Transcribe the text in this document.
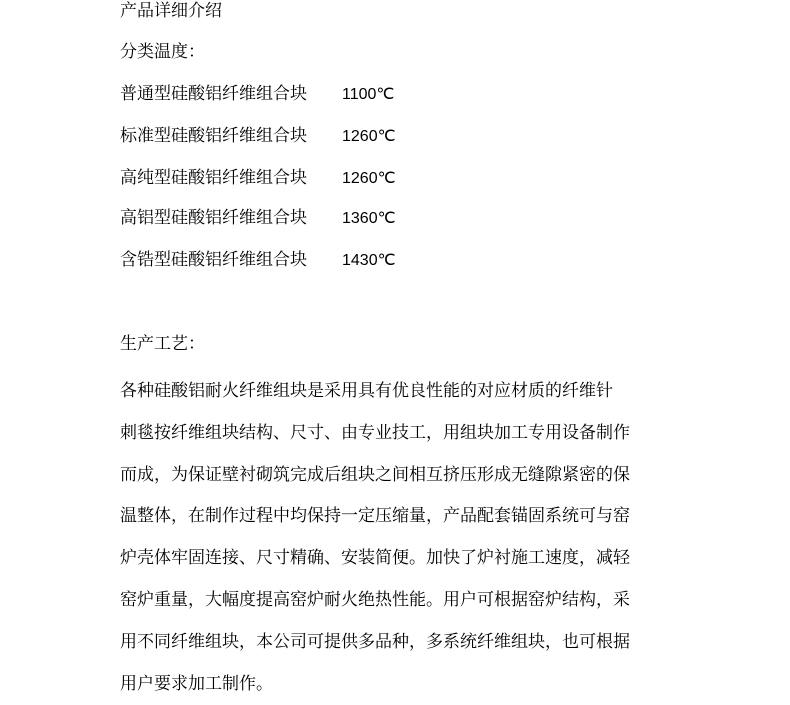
产品详细介绍
分类温度：
普通型硅酸铝纤维组合块 1100℃
标准型硅酸铝纤维组合块 1260℃
高纯型硅酸铝纤维组合块 1260℃
高铝型硅酸铝纤维组合块 1360℃
含锆型硅酸铝纤维组合块 1430℃
生产工艺：
各种硅酸铝耐火纤维组块是采用具有优良性能的对应材质的纤维针
刺毯按纤维组块结构、尺寸、由专业技工，用组块加工专用设备制作
而成，为保证壁衬砌筑完成后组块之间相互挤压形成无缝隙紧密的保
温整体，在制作过程中均保持一定压缩量，产品配套锚固系统可与窑
炉壳体牢固连接、尺寸精确、安装简便。加快了炉衬施工速度，减轻
窑炉重量，大幅度提高窑炉耐火绝热性能。用户可根据窑炉结构，采
用不同纤维组块，本公司可提供多品种，多系统纤维组块，也可根据
用户要求加工制作。
